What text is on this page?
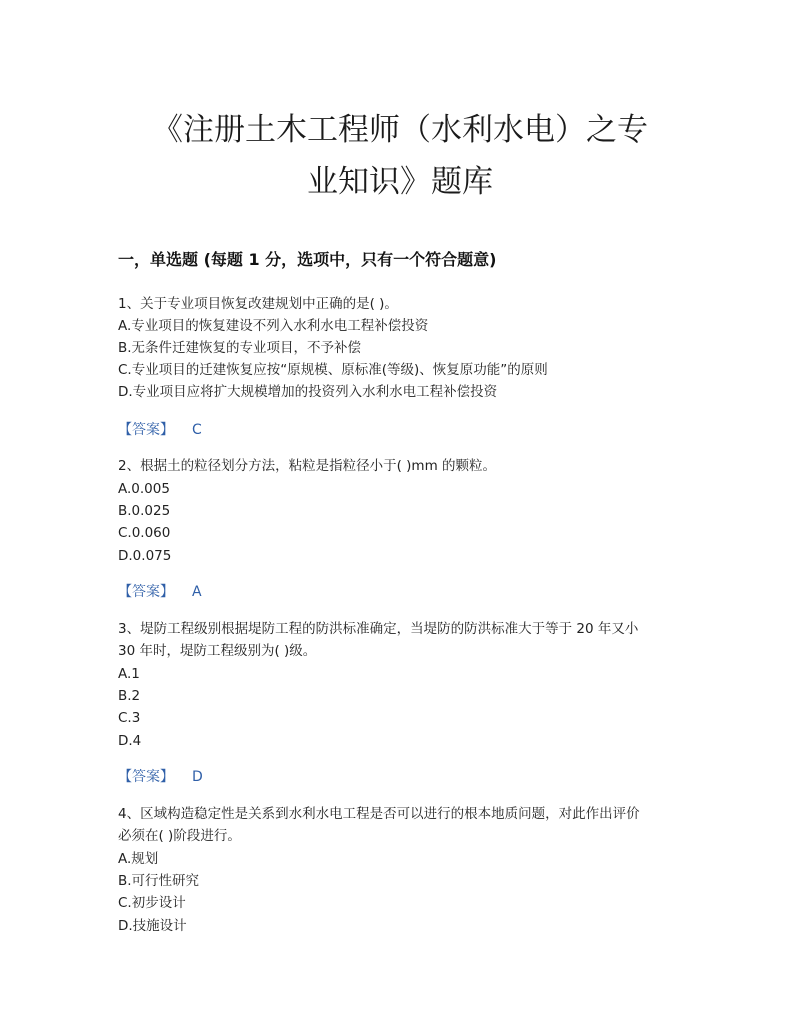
《注册土木工程师（水利水电）之专
业知识》题库
一，单选题 (每题 1 分，选项中，只有一个符合题意)
1、关于专业项目恢复改建规划中正确的是( )。
A.专业项目的恢复建设不列入水利水电工程补偿投资
B.无条件迁建恢复的专业项目，不予补偿
C.专业项目的迁建恢复应按“原规模、原标准(等级)、恢复原功能”的原则
D.专业项目应将扩大规模增加的投资列入水利水电工程补偿投资
【答案】 C
2、根据土的粒径划分方法，粘粒是指粒径小于( )mm 的颗粒。
A.0.005
B.0.025
C.0.060
D.0.075
【答案】 A
3、堤防工程级别根据堤防工程的防洪标准确定，当堤防的防洪标准大于等于 20 年又小
30 年时，堤防工程级别为( )级。
A.1
B.2
C.3
D.4
【答案】 D
4、区域构造稳定性是关系到水利水电工程是否可以进行的根本地质问题，对此作出评价
必须在( )阶段进行。
A.规划
B.可行性研究
C.初步设计
D.技施设计
